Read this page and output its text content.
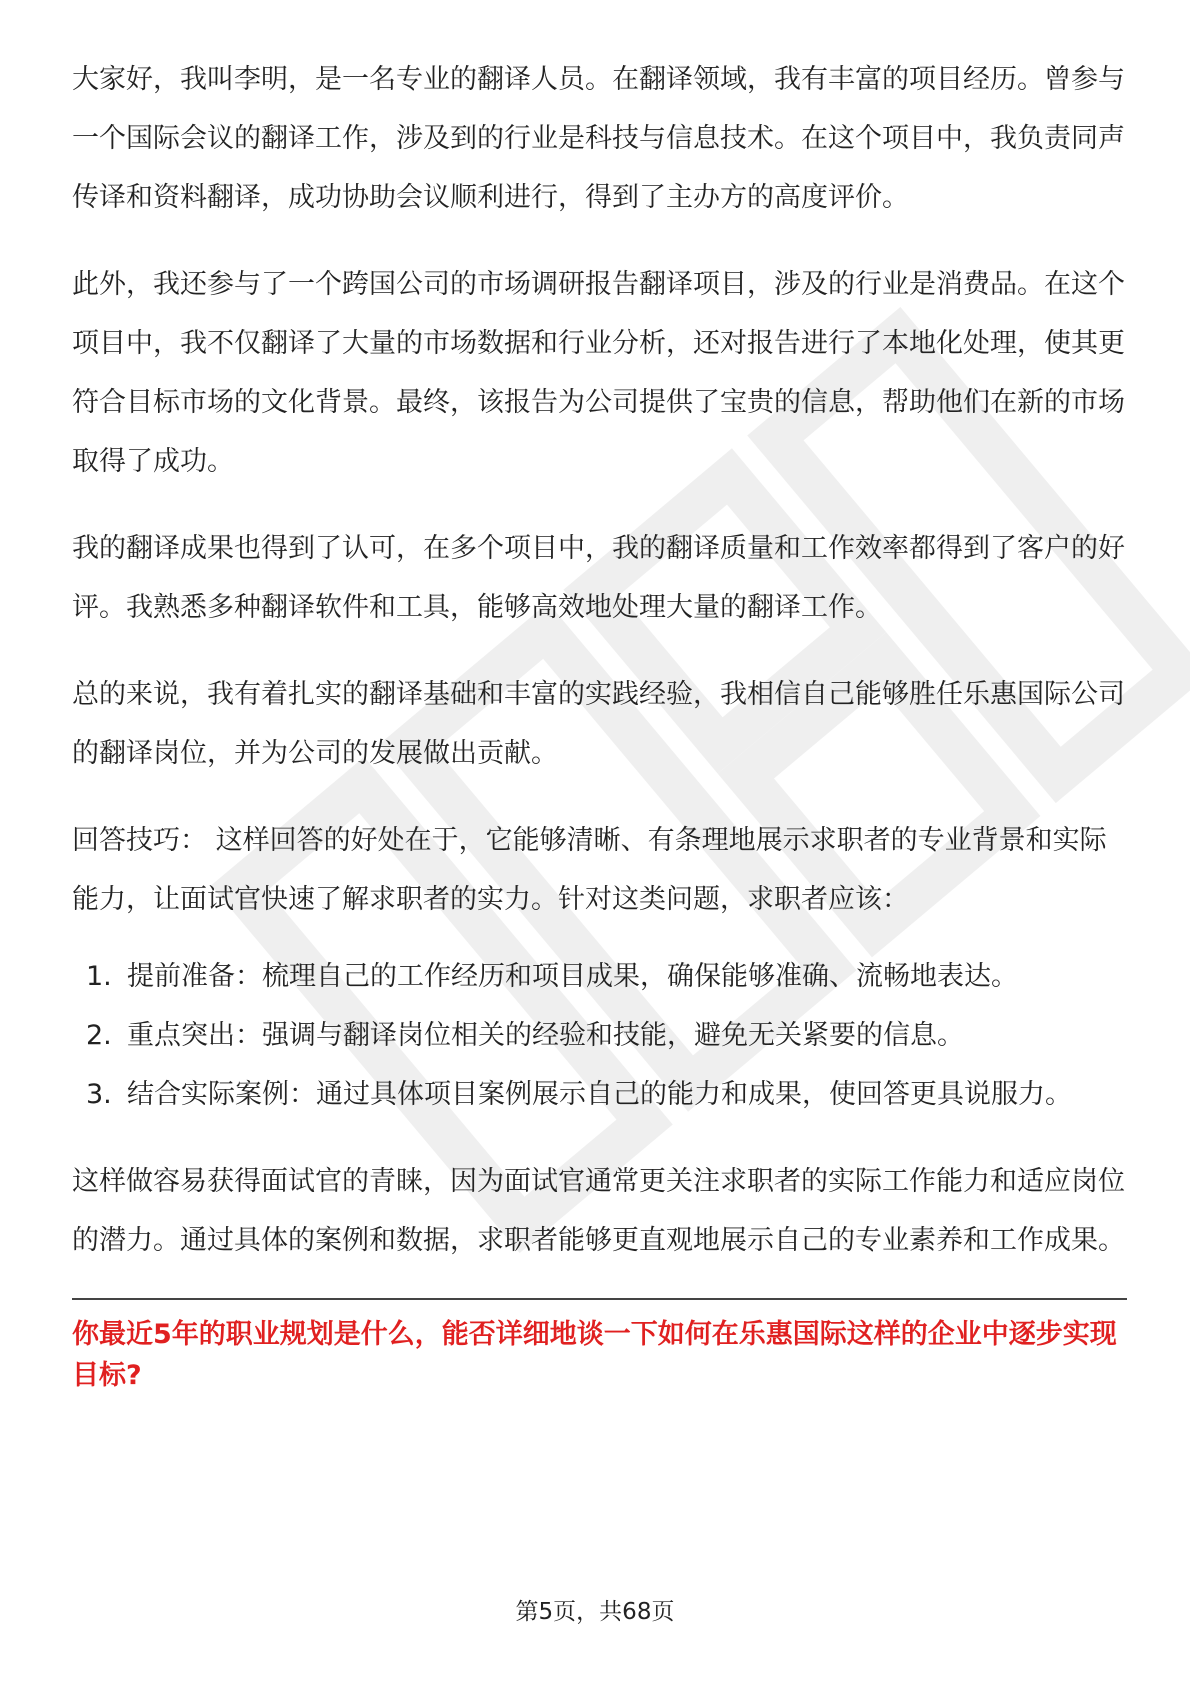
大家好，我叫李明，是一名专业的翻译人员。在翻译领域，我有丰富的项目经历。曾参与一个国际会议的翻译工作，涉及到的行业是科技与信息技术。在这个项目中，我负责同声传译和资料翻译，成功协助会议顺利进行，得到了主办方的高度评价。

此外，我还参与了一个跨国公司的市场调研报告翻译项目，涉及的行业是消费品。在这个项目中，我不仅翻译了大量的市场数据和行业分析，还对报告进行了本地化处理，使其更符合目标市场的文化背景。最终，该报告为公司提供了宝贵的信息，帮助他们在新的市场取得了成功。

我的翻译成果也得到了认可，在多个项目中，我的翻译质量和工作效率都得到了客户的好评。我熟悉多种翻译软件和工具，能够高效地处理大量的翻译工作。

总的来说，我有着扎实的翻译基础和丰富的实践经验，我相信自己能够胜任乐惠国际公司的翻译岗位，并为公司的发展做出贡献。

回答技巧： 这样回答的好处在于，它能够清晰、有条理地展示求职者的专业背景和实际能力，让面试官快速了解求职者的实力。针对这类问题，求职者应该：

1. 提前准备：梳理自己的工作经历和项目成果，确保能够准确、流畅地表达。
2. 重点突出：强调与翻译岗位相关的经验和技能，避免无关紧要的信息。
3. 结合实际案例：通过具体项目案例展示自己的能力和成果，使回答更具说服力。

这样做容易获得面试官的青睐，因为面试官通常更关注求职者的实际工作能力和适应岗位的潜力。通过具体的案例和数据，求职者能够更直观地展示自己的专业素养和工作成果。

你最近5年的职业规划是什么，能否详细地谈一下如何在乐惠国际这样的企业中逐步实现目标?

第5页，共68页
